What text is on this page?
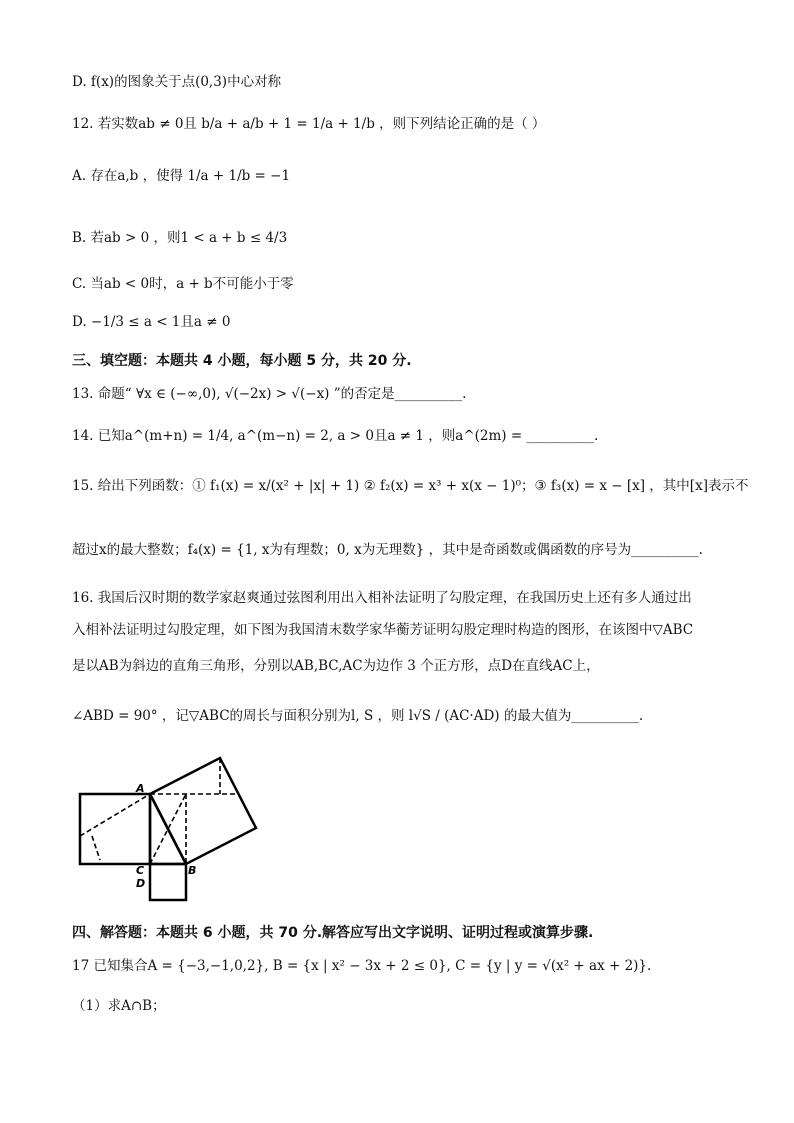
D. f(x)的图象关于点(0,3)中心对称
12. 若实数ab ≠ 0且 b/a + a/b + 1 = 1/a + 1/b ，则下列结论正确的是（ ）
A. 存在a,b ，使得 1/a + 1/b = −1
B. 若ab > 0 ，则1 < a + b ≤ 4/3
C. 当ab < 0时，a + b不可能小于零
D. −1/3 ≤ a < 1且a ≠ 0
三、填空题：本题共 4 小题，每小题 5 分，共 20 分.
13. 命题“ ∀x ∈ (−∞,0), √(−2x) > √(−x) ”的否定是__________.
14. 已知a^(m+n) = 1/4, a^(m−n) = 2, a > 0且a ≠ 1 ，则a^(2m) = __________.
15. 给出下列函数：① f₁(x) = x/(x² + |x| + 1) ② f₂(x) = x³ + x(x − 1)⁰；③ f₃(x) = x − [x] ，其中[x]表示不
超过x的最大整数；f₄(x) = {1, x为有理数；0, x为无理数} ，其中是奇函数或偶函数的序号为__________.
16. 我国后汉时期的数学家赵爽通过弦图利用出入相补法证明了勾股定理，在我国历史上还有多人通过出
入相补法证明过勾股定理，如下图为我国清末数学家华蘅芳证明勾股定理时构造的图形，在该图中▽ABC
是以AB为斜边的直角三角形，分别以AB,BC,AC为边作 3 个正方形，点D在直线AC上，
∠ABD = 90° ，记▽ABC的周长与面积分别为l, S ，则 l√S / (AC·AD) 的最大值为__________.
A
B
C
D
四、解答题：本题共 6 小题，共 70 分.解答应写出文字说明、证明过程或演算步骤.
17 已知集合A = {−3,−1,0,2}, B = {x | x² − 3x + 2 ≤ 0}, C = {y | y = √(x² + ax + 2)}.
（1）求A∩B；
